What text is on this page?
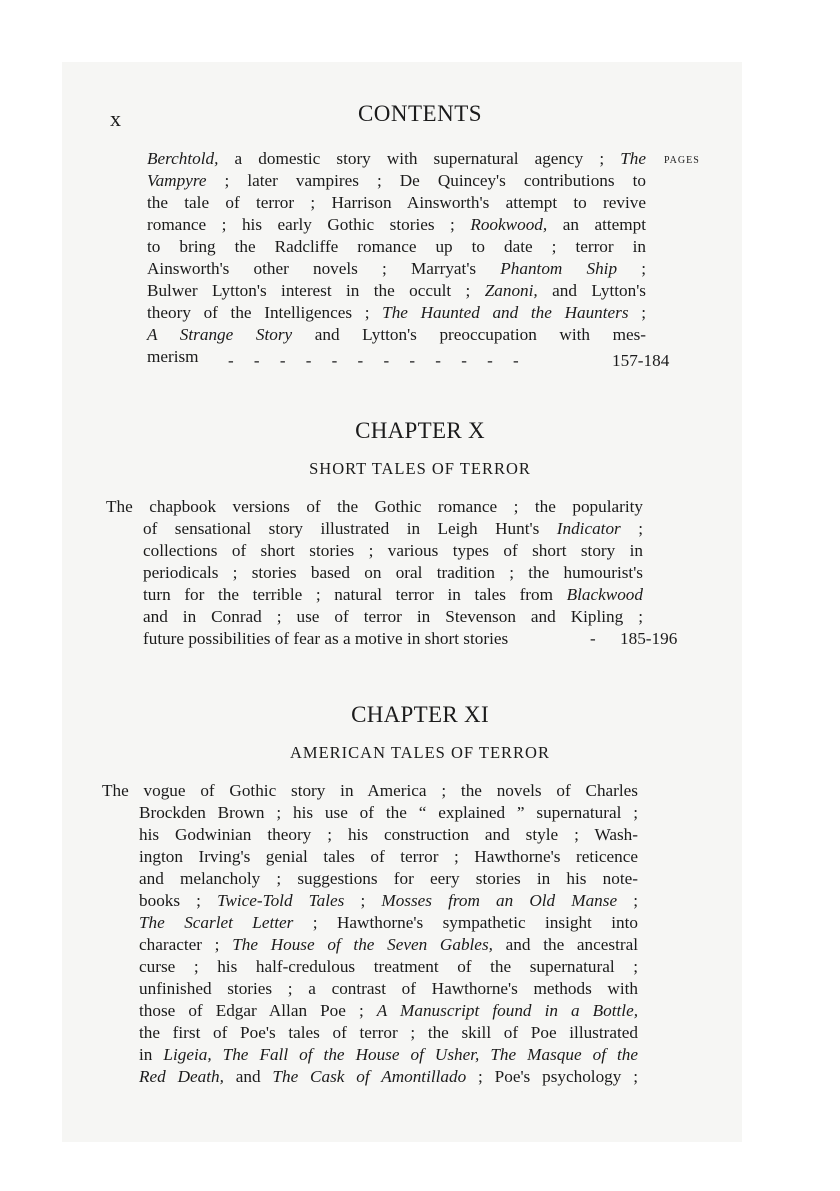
x	CONTENTS
PAGES
Berchtold, a domestic story with supernatural agency ; The
Vampyre ; later vampires ; De Quincey's contributions to
the tale of terror ; Harrison Ainsworth's attempt to revive
romance ; his early Gothic stories ; Rookwood, an attempt
to bring the Radcliffe romance up to date ; terror in
Ainsworth's other novels ; Marryat's Phantom Ship ;
Bulwer Lytton's interest in the occult ; Zanoni, and Lytton's
theory of the Intelligences ; The Haunted and the Haunters ;
A Strange Story and Lytton's preoccupation with mes-
merism	- - - - - - - - - - - -	157-184
CHAPTER X
SHORT TALES OF TERROR
The chapbook versions of the Gothic romance ; the popularity
of sensational story illustrated in Leigh Hunt's Indicator ;
collections of short stories ; various types of short story in
periodicals ; stories based on oral tradition ; the humourist's
turn for the terrible ; natural terror in tales from Blackwood
and in Conrad ; use of terror in Stevenson and Kipling ;
future possibilities of fear as a motive in short stories	- 185-196
CHAPTER XI
AMERICAN TALES OF TERROR
The vogue of Gothic story in America ; the novels of Charles
Brockden Brown ; his use of the “ explained ” supernatural ;
his Godwinian theory ; his construction and style ; Wash-
ington Irving's genial tales of terror ; Hawthorne's reticence
and melancholy ; suggestions for eery stories in his note-
books ; Twice-Told Tales ; Mosses from an Old Manse ;
The Scarlet Letter ; Hawthorne's sympathetic insight into
character ; The House of the Seven Gables, and the ancestral
curse ; his half-credulous treatment of the supernatural ;
unfinished stories ; a contrast of Hawthorne's methods with
those of Edgar Allan Poe ; A Manuscript found in a Bottle,
the first of Poe's tales of terror ; the skill of Poe illustrated
in Ligeia, The Fall of the House of Usher, The Masque of the
Red Death, and The Cask of Amontillado ; Poe's psychology ;
